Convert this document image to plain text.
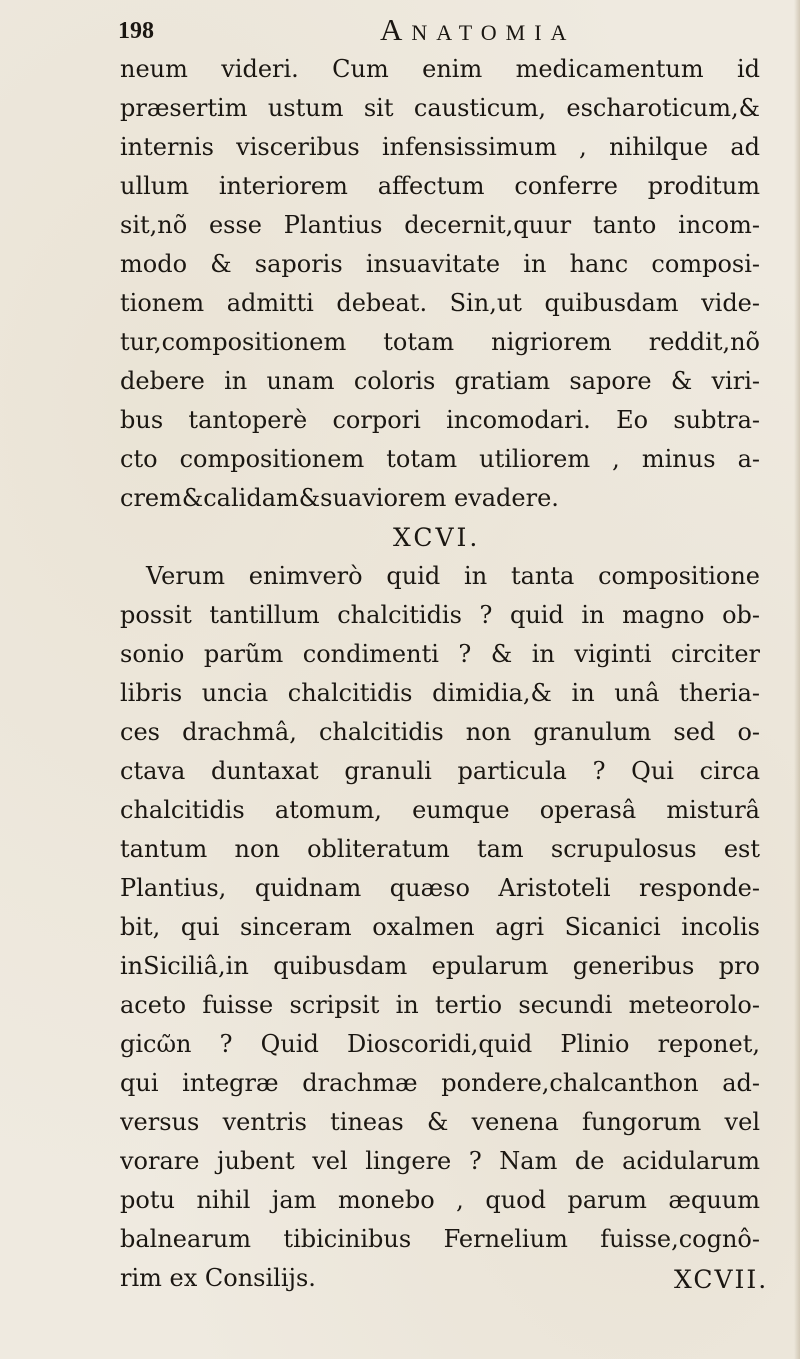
198	Anatomia
neum videri. Cum enim medicamentum id
præsertim ustum sit causticum, escharoticum,&
internis visceribus infensissimum , nihilque ad
ullum interiorem affectum conferre proditum
sit,nõ esse Plantius decernit,quur tanto incom-
modo & saporis insuavitate in hanc composi-
tionem admitti debeat. Sin,ut quibusdam vide-
tur,compositionem totam nigriorem reddit,nõ
debere in unam coloris gratiam sapore & viri-
bus tantoperè corpori incomodari. Eo subtra-
cto compositionem totam utiliorem , minus a-
crem&calidam&suaviorem evadere.
XCVI.
Verum enimverò quid in tanta compositione
possit tantillum chalcitidis ? quid in magno ob-
sonio parũm condimenti ? & in viginti circiter
libris uncia chalcitidis dimidia,& in unâ theria-
ces drachmâ, chalcitidis non granulum sed o-
ctava duntaxat granuli particula ? Qui circa
chalcitidis atomum, eumque operasâ misturâ
tantum non obliteratum tam scrupulosus est
Plantius, quidnam quæso Aristoteli responde-
bit, qui sinceram oxalmen agri Sicanici incolis
inSiciliâ,in quibusdam epularum generibus pro
aceto fuisse scripsit in tertio secundi meteorolo-
gicῶn ? Quid Dioscoridi,quid Plinio reponet,
qui integræ drachmæ pondere,chalcanthon ad-
versus ventris tineas & venena fungorum vel
vorare jubent vel lingere ? Nam de acidularum
potu nihil jam monebo , quod parum æquum
balnearum tibicinibus Fernelium fuisse,cognô-
rim ex Consilijs.	XCVII.
